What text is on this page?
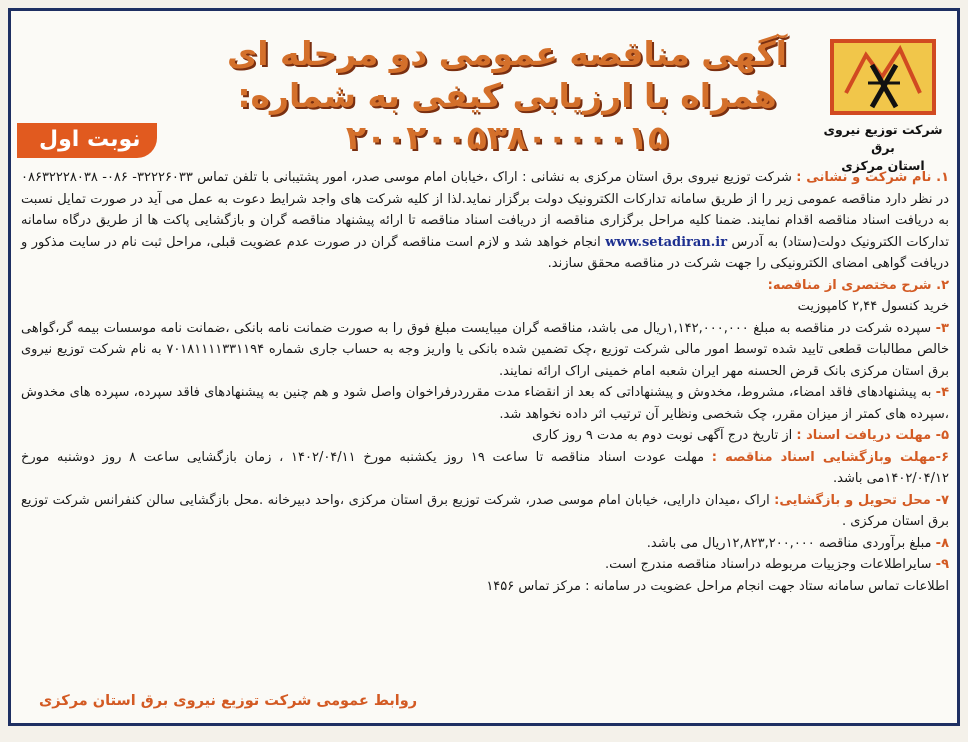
شرکت توزیع نیروی برق
استان مرکزی
آگهی مناقصه عمومی دو مرحله ای
همراه با ارزیابی کیفی به شماره: ۲۰۰۲۰۰۵۳۸۰۰۰۰۰۱۵
نوبت اول

۱. نام شرکت و نشانی : شرکت توزیع نیروی برق استان مرکزی به نشانی : اراک ،خیابان امام موسی صدر، امور پشتیبانی با تلفن تماس ۳۲۲۲۶۰۳۳- ۰۸۶- ۰۸۶۳۲۲۲۸۰۳۸ در نظر دارد مناقصه عمومی زیر را از طریق سامانه تدارکات الکترونیک دولت برگزار نماید.لذا از کلیه شرکت های واجد شرایط دعوت به عمل می آید در صورت تمایل نسبت به دریافت اسناد مناقصه اقدام نمایند. ضمنا کلیه مراحل برگزاری مناقصه از دریافت اسناد مناقصه تا ارائه پیشنهاد مناقصه گران و بازگشایی پاکت ها از طریق درگاه سامانه تدارکات الکترونیک دولت(ستاد) به آدرس www.setadiran.ir انجام خواهد شد و لازم است مناقصه گران در صورت عدم عضویت قبلی، مراحل ثبت نام در سایت مذکور و دریافت گواهی امضای الکترونیکی را جهت شرکت در مناقصه محقق سازند.

۲. شرح مختصری از مناقصه:

خرید کنسول ۲,۴۴ کامپوزیت

۳- سپرده شرکت در مناقصه به مبلغ ۱,۱۴۲,۰۰۰,۰۰۰ریال می باشد، مناقصه گران میبایست مبلغ فوق را به صورت ضمانت نامه بانکی ،ضمانت نامه موسسات بیمه گر،گواهی خالص مطالبات قطعی تایید شده توسط امور مالی شرکت توزیع ،چک تضمین شده بانکی یا واریز وجه به حساب جاری شماره ۷۰۱۸۱۱۱۱۳۳۱۱۹۴ به نام شرکت توزیع نیروی برق استان مرکزی بانک قرض الحسنه مهر ایران شعبه امام خمینی اراک ارائه نمایند.

۴- به پیشنهادهای فاقد امضاء، مشروط، مخدوش و پیشنهاداتی که بعد از انقضاء مدت مقرردرفراخوان واصل شود و هم چنین به پیشنهادهای فاقد سپرده، سپرده های مخدوش ،سپرده های کمتر از میزان مقرر، چک شخصی ونظایر آن ترتیب اثر داده نخواهد شد.

۵- مهلت دریافت اسناد : از تاریخ درج آگهی نوبت دوم به مدت ۹ روز کاری

۶-مهلت وبازگشایی اسناد مناقصه : مهلت عودت اسناد مناقصه تا ساعت ۱۹ روز یکشنبه مورخ ۱۴۰۲/۰۴/۱۱ ، زمان بازگشایی ساعت ۸ روز دوشنبه مورخ ۱۴۰۲/۰۴/۱۲می باشد.

۷- محل تحویل و بازگشایی: اراک ،میدان دارایی، خیابان امام موسی صدر، شرکت توزیع برق استان مرکزی ،واحد دبیرخانه .محل بازگشایی سالن کنفرانس شرکت توزیع برق استان مرکزی .

۸- مبلغ برآوردی مناقصه ۱۲,۸۲۳,۲۰۰,۰۰۰ریال می باشد.

۹- سایراطلاعات وجزییات مربوطه دراسناد مناقصه مندرج است.

اطلاعات تماس سامانه ستاد جهت انجام مراحل عضویت در سامانه : مرکز تماس ۱۴۵۶

روابط عمومی شرکت توزیع نیروی برق استان مرکزی
